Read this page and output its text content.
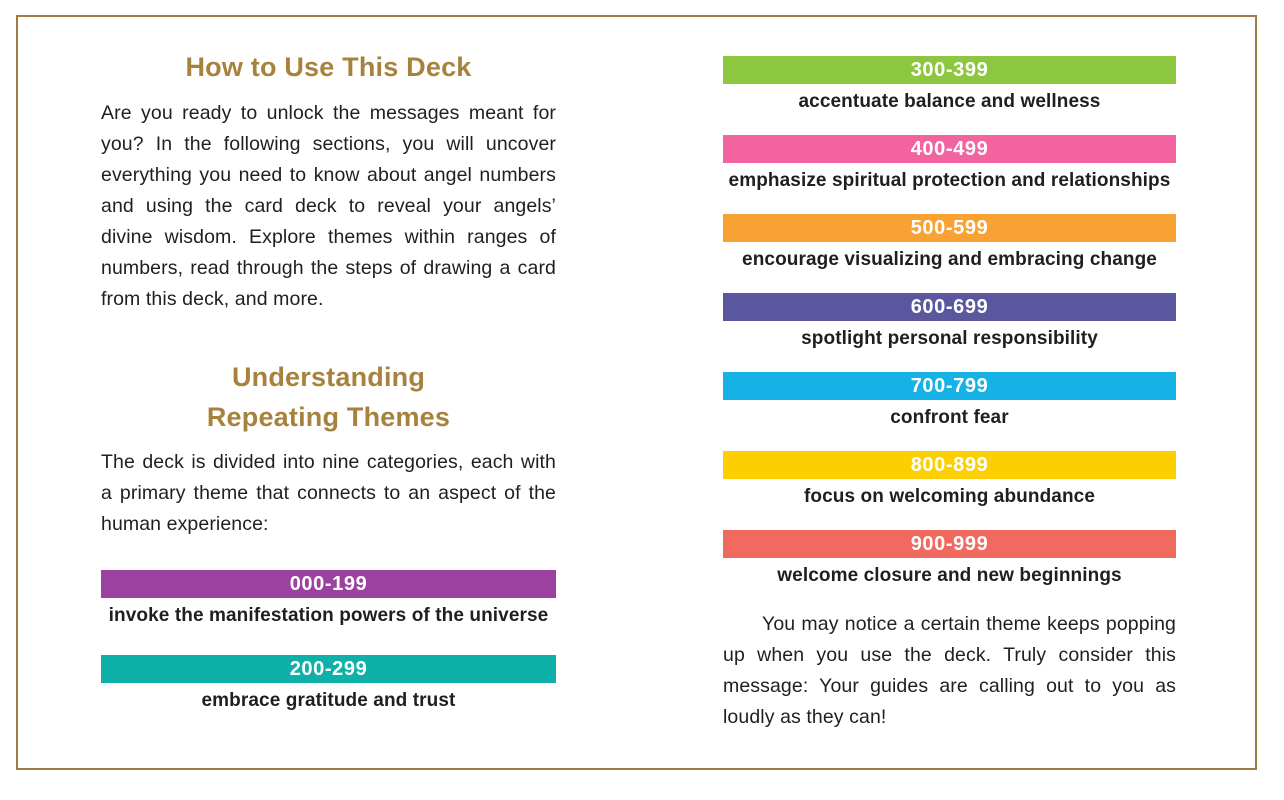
How to Use This Deck

Are you ready to unlock the messages meant for you? In the following sections, you will uncover everything you need to know about angel numbers and using the card deck to reveal your angels’ divine wisdom. Explore themes within ranges of numbers, read through the steps of drawing a card from this deck, and more.

Understanding
Repeating Themes

The deck is divided into nine categories, each with a primary theme that connects to an aspect of the human experience:

000-199
invoke the manifestation powers of the universe
200-299
embrace gratitude and trust
300-399
accentuate balance and wellness
400-499
emphasize spiritual protection and relationships
500-599
encourage visualizing and embracing change
600-699
spotlight personal responsibility
700-799
confront fear
800-899
focus on welcoming abundance
900-999
welcome closure and new beginnings

You may notice a certain theme keeps popping up when you use the deck. Truly consider this message: Your guides are calling out to you as loudly as they can!
